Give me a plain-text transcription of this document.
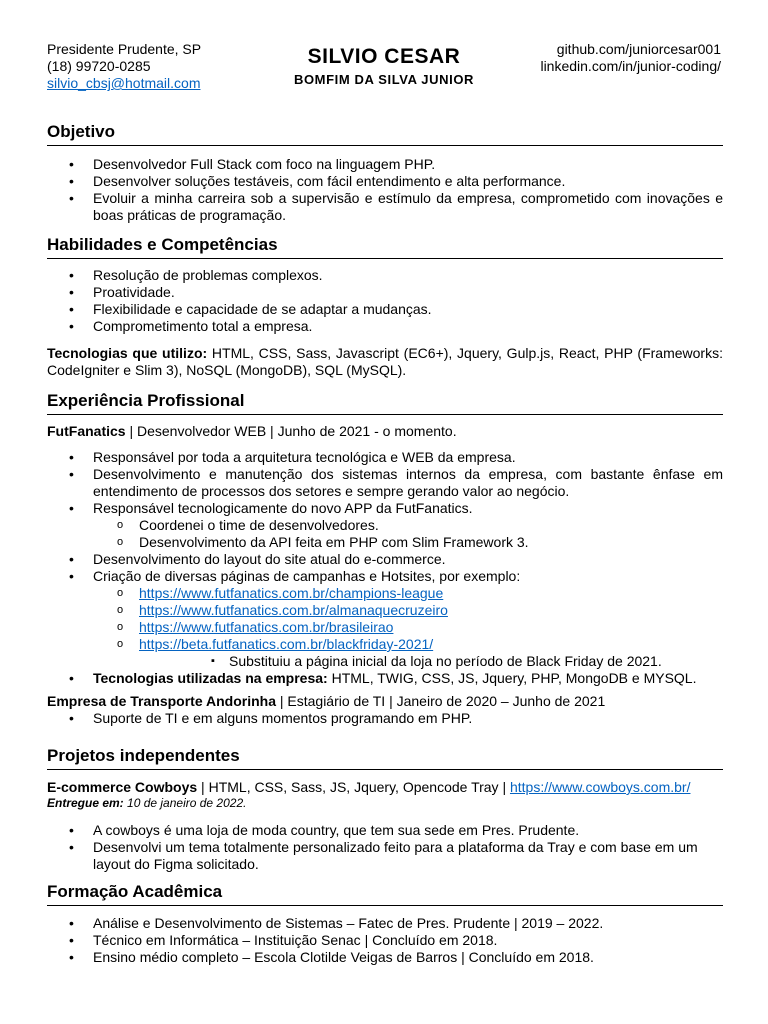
Presidente Prudente, SP
(18) 99720-0285
silvio_cbsj@hotmail.com
SILVIO CESAR
BOMFIM DA SILVA JUNIOR
github.com/juniorcesar001
linkedin.com/in/junior-coding/
Objetivo
• Desenvolvedor Full Stack com foco na linguagem PHP.
• Desenvolver soluções testáveis, com fácil entendimento e alta performance.
• Evoluir a minha carreira sob a supervisão e estímulo da empresa, comprometido com inovações e boas práticas de programação.
Habilidades e Competências
• Resolução de problemas complexos.
• Proatividade.
• Flexibilidade e capacidade de se adaptar a mudanças.
• Comprometimento total a empresa.
Tecnologias que utilizo: HTML, CSS, Sass, Javascript (EC6+), Jquery, Gulp.js, React, PHP (Frameworks: CodeIgniter e Slim 3), NoSQL (MongoDB), SQL (MySQL).
Experiência Profissional
FutFanatics | Desenvolvedor WEB | Junho de 2021 - o momento.
• Responsável por toda a arquitetura tecnológica e WEB da empresa.
• Desenvolvimento e manutenção dos sistemas internos da empresa, com bastante ênfase em entendimento de processos dos setores e sempre gerando valor ao negócio.
• Responsável tecnologicamente do novo APP da FutFanatics.
o Coordenei o time de desenvolvedores.
o Desenvolvimento da API feita em PHP com Slim Framework 3.
• Desenvolvimento do layout do site atual do e-commerce.
• Criação de diversas páginas de campanhas e Hotsites, por exemplo:
o https://www.futfanatics.com.br/champions-league
o https://www.futfanatics.com.br/almanaquecruzeiro
o https://www.futfanatics.com.br/brasileirao
o https://beta.futfanatics.com.br/blackfriday-2021/
▪ Substituiu a página inicial da loja no período de Black Friday de 2021.
• Tecnologias utilizadas na empresa: HTML, TWIG, CSS, JS, Jquery, PHP, MongoDB e MYSQL.
Empresa de Transporte Andorinha | Estagiário de TI | Janeiro de 2020 – Junho de 2021
• Suporte de TI e em alguns momentos programando em PHP.
Projetos independentes
E-commerce Cowboys | HTML, CSS, Sass, JS, Jquery, Opencode Tray | https://www.cowboys.com.br/
Entregue em: 10 de janeiro de 2022.
• A cowboys é uma loja de moda country, que tem sua sede em Pres. Prudente.
• Desenvolvi um tema totalmente personalizado feito para a plataforma da Tray e com base em um layout do Figma solicitado.
Formação Acadêmica
• Análise e Desenvolvimento de Sistemas – Fatec de Pres. Prudente | 2019 – 2022.
• Técnico em Informática – Instituição Senac | Concluído em 2018.
• Ensino médio completo – Escola Clotilde Veigas de Barros | Concluído em 2018.
